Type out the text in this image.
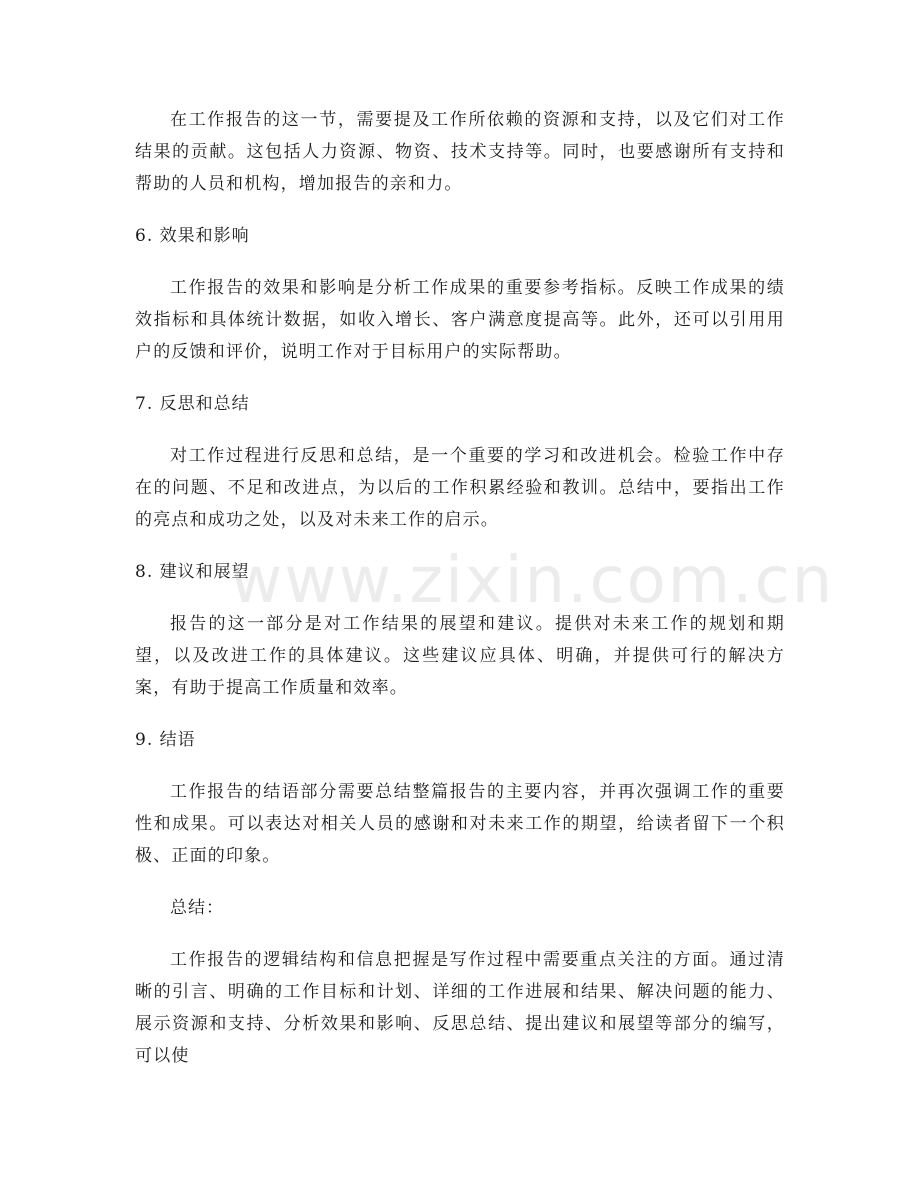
在工作报告的这一节，需要提及工作所依赖的资源和支持，以及它们对工作结果的贡献。这包括人力资源、物资、技术支持等。同时，也要感谢所有支持和帮助的人员和机构，增加报告的亲和力。

6. 效果和影响

工作报告的效果和影响是分析工作成果的重要参考指标。反映工作成果的绩效指标和具体统计数据，如收入增长、客户满意度提高等。此外，还可以引用用户的反馈和评价，说明工作对于目标用户的实际帮助。

7. 反思和总结

对工作过程进行反思和总结，是一个重要的学习和改进机会。检验工作中存在的问题、不足和改进点，为以后的工作积累经验和教训。总结中，要指出工作的亮点和成功之处，以及对未来工作的启示。

8. 建议和展望

报告的这一部分是对工作结果的展望和建议。提供对未来工作的规划和期望，以及改进工作的具体建议。这些建议应具体、明确，并提供可行的解决方案，有助于提高工作质量和效率。

9. 结语

工作报告的结语部分需要总结整篇报告的主要内容，并再次强调工作的重要性和成果。可以表达对相关人员的感谢和对未来工作的期望，给读者留下一个积极、正面的印象。

总结：

工作报告的逻辑结构和信息把握是写作过程中需要重点关注的方面。通过清晰的引言、明确的工作目标和计划、详细的工作进展和结果、解决问题的能力、展示资源和支持、分析效果和影响、反思总结、提出建议和展望等部分的编写，可以使

www.zixin.com.cn
